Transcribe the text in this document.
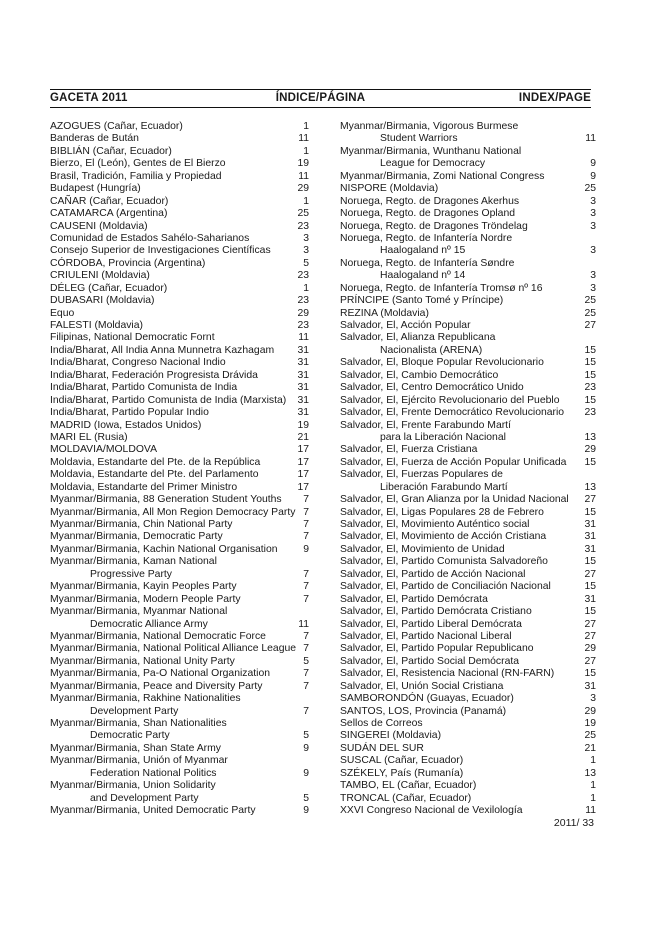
GACETA 2011	ÍNDICE/PÁGINA	INDEX/PAGE
AZOGUES (Cañar, Ecuador)	1
Banderas de Bután	11
BIBLIÁN (Cañar, Ecuador)	1
Bierzo, El (León), Gentes de El Bierzo	19
Brasil, Tradición, Familia y Propiedad	11
Budapest (Hungría)	29
CAÑAR (Cañar, Ecuador)	1
CATAMARCA (Argentina)	25
CAUSENI (Moldavia)	23
Comunidad de Estados Sahélo-Saharianos	3
Consejo Superior de Investigaciones Científicas	3
CÓRDOBA, Provincia (Argentina)	5
CRIULENI (Moldavia)	23
DÉLEG (Cañar, Ecuador)	1
DUBASARI (Moldavia)	23
Equo	29
FALESTI (Moldavia)	23
Filipinas, National Democratic Fornt	11
India/Bharat, All India Anna Munnetra Kazhagam	31
India/Bharat, Congreso Nacional Indio	31
India/Bharat, Federación Progresista Drávida	31
India/Bharat, Partido Comunista de India	31
India/Bharat, Partido Comunista de India (Marxista)	31
India/Bharat, Partido Popular Indio	31
MADRID (Iowa, Estados Unidos)	19
MARI EL (Rusia)	21
MOLDAVIA/MOLDOVA	17
Moldavia, Estandarte del Pte. de la República	17
Moldavia, Estandarte del Pte. del Parlamento	17
Moldavia, Estandarte del Primer Ministro	17
Myanmar/Birmania, 88 Generation Student Youths	7
Myanmar/Birmania, All Mon Region Democracy Party 7
Myanmar/Birmania, Chin National Party	7
Myanmar/Birmania, Democratic Party	7
Myanmar/Birmania, Kachin National Organisation	9
Myanmar/Birmania, Kaman National
Progressive Party	7
Myanmar/Birmania, Kayin Peoples Party	7
Myanmar/Birmania, Modern People Party	7
Myanmar/Birmania, Myanmar National
Democratic Alliance Army	11
Myanmar/Birmania, National Democratic Force	7
Myanmar/Birmania, National Political Alliance League 7
Myanmar/Birmania, National Unity Party	5
Myanmar/Birmania, Pa-O National Organization	7
Myanmar/Birmania, Peace and Diversity Party	7
Myanmar/Birmania, Rakhine Nationalities
Development Party	7
Myanmar/Birmania, Shan Nationalities
Democratic Party	5
Myanmar/Birmania, Shan State Army	9
Myanmar/Birmania, Unión of Myanmar
Federation National Politics	9
Myanmar/Birmania, Union Solidarity
and Development Party	5
Myanmar/Birmania, United Democratic Party	9
Myanmar/Birmania, Vigorous Burmese
Student Warriors	11
Myanmar/Birmania, Wunthanu National
League for Democracy	9
Myanmar/Birmania, Zomi National Congress	9
NISPORE (Moldavia)	25
Noruega, Regto. de Dragones Akerhus	3
Noruega, Regto. de Dragones Opland	3
Noruega, Regto. de Dragones Tröndelag	3
Noruega, Regto. de Infantería Nordre
Haalogaland nº 15	3
Noruega, Regto. de Infantería Søndre
Haalogaland nº 14	3
Noruega, Regto. de Infantería Tromsø nº 16	3
PRÍNCIPE (Santo Tomé y Príncipe)	25
REZINA (Moldavia)	25
Salvador, El, Acción Popular	27
Salvador, El, Alianza Republicana
Nacionalista (ARENA)	15
Salvador, El, Bloque Popular Revolucionario	15
Salvador, El, Cambio Democrático	15
Salvador, El, Centro Democrático Unido	23
Salvador, El, Ejército Revolucionario del Pueblo	15
Salvador, El, Frente Democrático Revolucionario	23
Salvador, El, Frente Farabundo Martí
para la Liberación Nacional	13
Salvador, El, Fuerza Cristiana	29
Salvador, El, Fuerza de Acción Popular Unificada	15
Salvador, El, Fuerzas Populares de
Liberación Farabundo Martí	13
Salvador, El, Gran Alianza por la Unidad Nacional	27
Salvador, El, Ligas Populares 28 de Febrero	15
Salvador, El, Movimiento Auténtico social	31
Salvador, El, Movimiento de Acción Cristiana	31
Salvador, El, Movimiento de Unidad	31
Salvador, El, Partido Comunista Salvadoreño	15
Salvador, El, Partido de Acción Nacional	27
Salvador, El, Partido de Conciliación Nacional	15
Salvador, El, Partido Demócrata	31
Salvador, El, Partido Demócrata Cristiano	15
Salvador, El, Partido Liberal Demócrata	27
Salvador, El, Partido Nacional Liberal	27
Salvador, El, Partido Popular Republicano	29
Salvador, El, Partido Social Demócrata	27
Salvador, El, Resistencia Nacional (RN-FARN)	15
Salvador, El, Unión Social Cristiana	31
SAMBORONDÓN (Guayas, Ecuador)	3
SANTOS, LOS, Provincia (Panamá)	29
Sellos de Correos	19
SINGEREI (Moldavia)	25
SUDÁN DEL SUR	21
SUSCAL (Cañar, Ecuador)	1
SZÉKELY, País (Rumanía)	13
TAMBO, EL (Cañar, Ecuador)	1
TRONCAL (Cañar, Ecuador)	1
XXVI Congreso Nacional de Vexilología	11
2011/ 33
